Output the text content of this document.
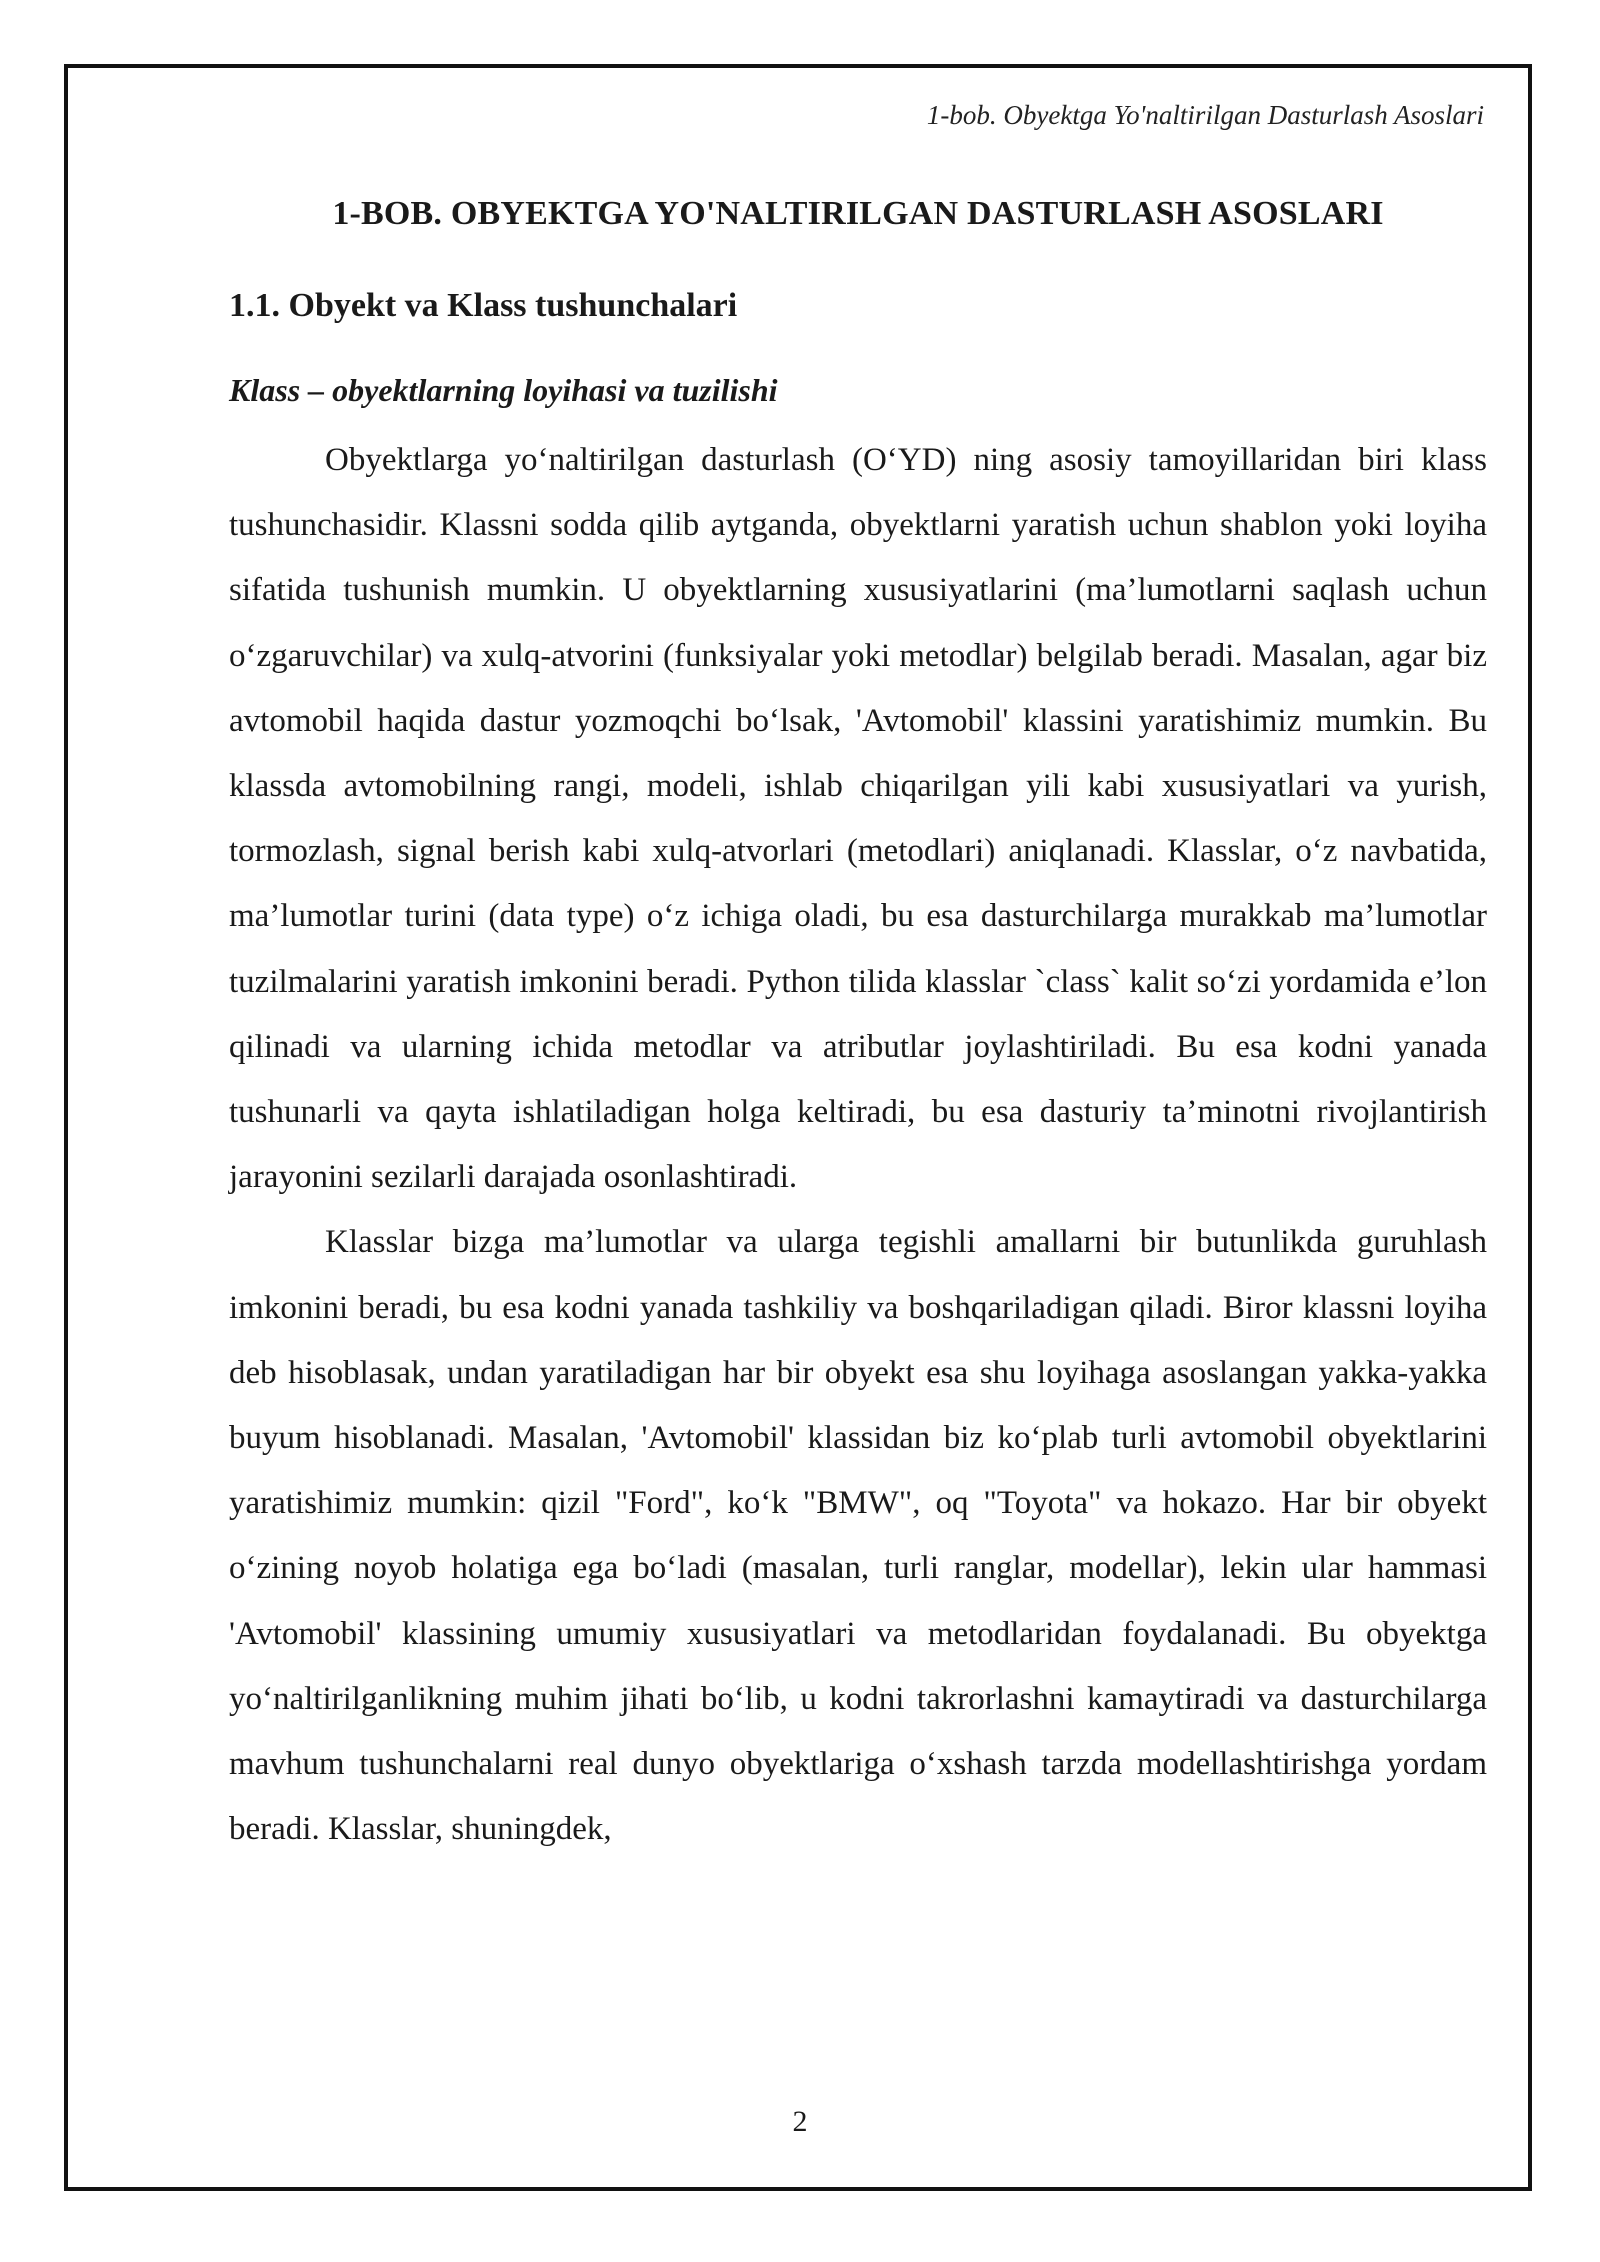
1-bob. Obyektga Yo'naltirilgan Dasturlash Asoslari
1-BOB. OBYEKTGA YO'NALTIRILGAN DASTURLASH ASOSLARI
1.1. Obyekt va Klass tushunchalari
Klass – obyektlarning loyihasi va tuzilishi

Obyektlarga yo‘naltirilgan dasturlash (O‘YD) ning asosiy tamoyillaridan biri klass tushunchasidir. Klassni sodda qilib aytganda, obyektlarni yaratish uchun shablon yoki loyiha sifatida tushunish mumkin. U obyektlarning xususiyatlarini (ma’lumotlarni saqlash uchun o‘zgaruvchilar) va xulq-atvorini (funksiyalar yoki metodlar) belgilab beradi. Masalan, agar biz avtomobil haqida dastur yozmoqchi bo‘lsak, 'Avtomobil' klassini yaratishimiz mumkin. Bu klassda avtomobilning rangi, modeli, ishlab chiqarilgan yili kabi xususiyatlari va yurish, tormozlash, signal berish kabi xulq-atvorlari (metodlari) aniqlanadi. Klasslar, o‘z navbatida, ma’lumotlar turini (data type) o‘z ichiga oladi, bu esa dasturchilarga murakkab ma’lumotlar tuzilmalarini yaratish imkonini beradi. Python tilida klasslar `class` kalit so‘zi yordamida e’lon qilinadi va ularning ichida metodlar va atributlar joylashtiriladi. Bu esa kodni yanada tushunarli va qayta ishlatiladigan holga keltiradi, bu esa dasturiy ta’minotni rivojlantirish jarayonini sezilarli darajada osonlashtiradi.

Klasslar bizga ma’lumotlar va ularga tegishli amallarni bir butunlikda guruhlash imkonini beradi, bu esa kodni yanada tashkiliy va boshqariladigan qiladi. Biror klassni loyiha deb hisoblasak, undan yaratiladigan har bir obyekt esa shu loyihaga asoslangan yakka-yakka buyum hisoblanadi. Masalan, 'Avtomobil' klassidan biz ko‘plab turli avtomobil obyektlarini yaratishimiz mumkin: qizil "Ford", ko‘k "BMW", oq "Toyota" va hokazo. Har bir obyekt o‘zining noyob holatiga ega bo‘ladi (masalan, turli ranglar, modellar), lekin ular hammasi 'Avtomobil' klassining umumiy xususiyatlari va metodlaridan foydalanadi. Bu obyektga yo‘naltirilganlikning muhim jihati bo‘lib, u kodni takrorlashni kamaytiradi va dasturchilarga mavhum tushunchalarni real dunyo obyektlariga o‘xshash tarzda modellashtirishga yordam beradi. Klasslar, shuningdek,

2
